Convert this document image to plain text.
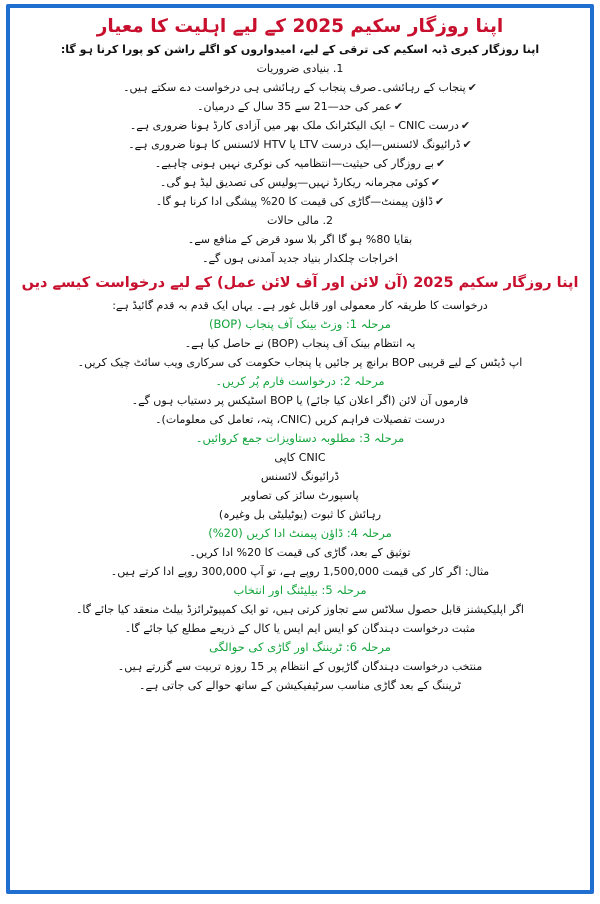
اپنا روزگار سکیم 2025 کے لیے اہلیت کا معیار

اپنا روزگار کیری ڈبہ اسکیم کی ترقی کے لیے، امیدواروں کو اگلے راشن کو پورا کرنا ہو گا:

1. بنیادی ضروریات

✔پنجاب کے رہائشی۔صرف پنجاب کے رہائشی ہی درخواست دے سکتے ہیں۔

✔عمر کی حد—21 سے 35 سال کے درمیان۔

✔درست CNIC – ایک الیکٹرانک ملک بھر میں آزادی کارڈ ہونا ضروری ہے۔

✔ڈرائیونگ لائسنس—ایک درست LTV یا HTV لائسنس کا ہونا ضروری ہے۔

✔بے روزگار کی حیثیت—انتظامیہ کی نوکری نہیں ہونی چاہیے۔

✔کوئی مجرمانہ ریکارڈ نہیں—پولیس کی تصدیق لیڈ ہو گی۔

✔ڈاؤن پیمنٹ—گاڑی کی قیمت کا 20% پیشگی ادا کرنا ہو گا۔

2. مالی حالات

بقایا 80% ہو گا اگر بلا سود قرض کے منافع سے۔

اخراجات چلکدار بنیاد جدید آمدنی ہوں گے۔

اپنا روزگار سکیم 2025 (آن لائن اور آف لائن عمل) کے لیے درخواست کیسے دیں

درخواست کا طریقہ کار معمولی اور قابل غور ہے۔ یہاں ایک قدم بہ قدم گائیڈ ہے:

مرحلہ 1: وزٹ بینک آف پنجاب (BOP)

یہ انتظام بینک آف پنجاب (BOP) نے حاصل کیا ہے۔

اپ ڈیٹس کے لیے قریبی BOP برانچ پر جائیں یا پنجاب حکومت کی سرکاری ویب سائٹ چیک کریں۔

مرحلہ 2: درخواست فارم پُر کریں۔

فارموں آن لائن (اگر اعلان کیا جائے) یا BOP اسٹیکس پر دستیاب ہوں گے۔

درست تفصیلات فراہم کریں (CNIC، پتہ، تعامل کی معلومات)۔

مرحلہ 3: مطلوبہ دستاویزات جمع کروائیں۔

CNIC کاپی

ڈرائیونگ لائسنس

پاسپورٹ سائز کی تصاویر

رہائش کا ثبوت (یوٹیلیٹی بل وغیرہ)

مرحلہ 4: ڈاؤن پیمنٹ ادا کریں (20%)

توثیق کے بعد، گاڑی کی قیمت کا 20% ادا کریں۔

مثال: اگر کار کی قیمت 1,500,000 روپے ہے، تو آپ 300,000 روپے ادا کرتے ہیں۔

مرحلہ 5: بیلیٹنگ اور انتخاب

اگر اپلیکیشنز قابل حصول سلاٹس سے تجاوز کرتی ہیں، تو ایک کمپیوٹرائزڈ بیلٹ منعقد کیا جائے گا۔

مثبت درخواست دہندگان کو ایس ایم ایس یا کال کے ذریعے مطلع کیا جائے گا۔

مرحلہ 6: ٹریننگ اور گاڑی کی حوالگی

منتخب درخواست دہندگان گاڑیوں کے انتظام پر 15 روزہ تربیت سے گزرتے ہیں۔

ٹریننگ کے بعد گاڑی مناسب سرٹیفیکیشن کے ساتھ حوالے کی جاتی ہے۔
